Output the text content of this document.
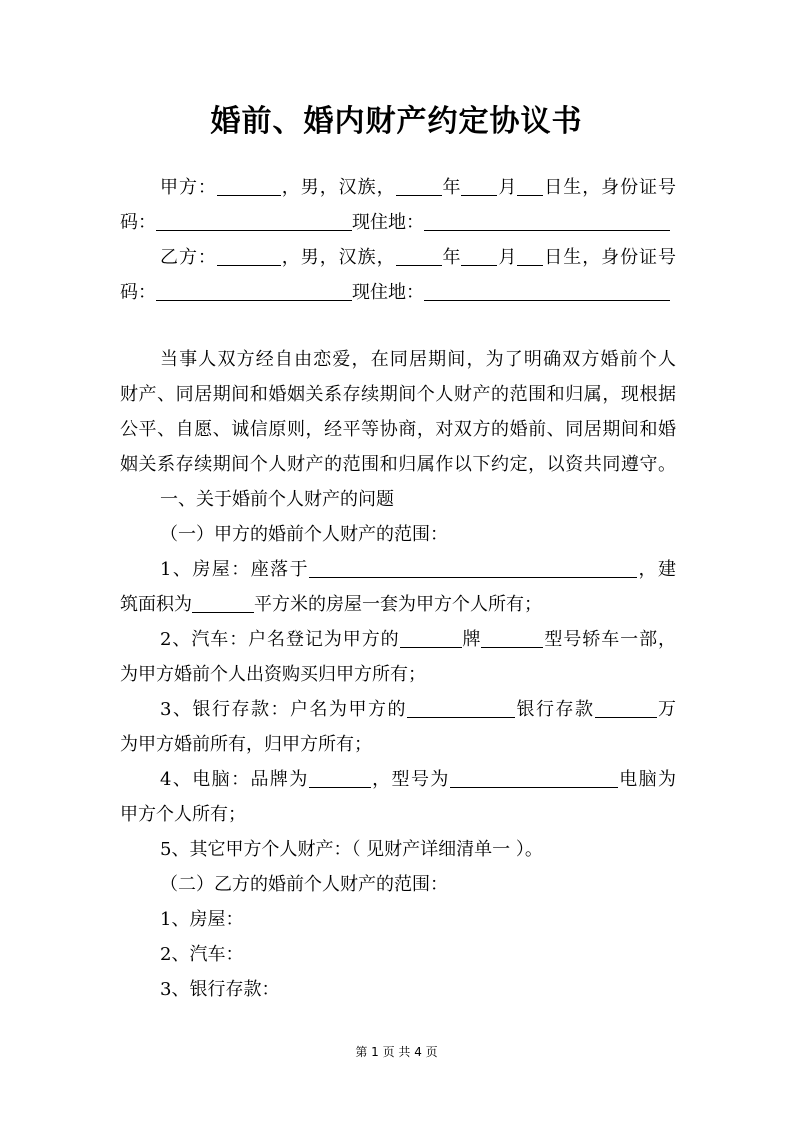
婚前、婚内财产约定协议书
甲方：	，男，汉族，	年 月 日生，身份证号
码：	现住地：
乙方：	，男，汉族，	年 月 日生，身份证号
码：	现住地：
当事人双方经自由恋爱，在同居期间，为了明确双方婚前个人
财产、同居期间和婚姻关系存续期间个人财产的范围和归属，现根据
公平、自愿、诚信原则，经平等协商，对双方的婚前、同居期间和婚
姻关系存续期间个人财产的范围和归属作以下约定，以资共同遵守。
一、关于婚前个人财产的问题
（一）甲方的婚前个人财产的范围：
1、房屋：座落于	，建
筑面积为	平方米的房屋一套为甲方个人所有；
2、汽车：户名登记为甲方的	牌	型号轿车一部，
为甲方婚前个人出资购买归甲方所有；
3、银行存款：户名为甲方的	银行存款	万
为甲方婚前所有，归甲方所有；
4、电脑：品牌为	，型号为	电脑为
甲方个人所有；
5、其它甲方个人财产：（ 见财产详细清单一 ）。
（二）乙方的婚前个人财产的范围：
1、房屋：
2、汽车：
3、银行存款：
第 1 页 共 4 页
